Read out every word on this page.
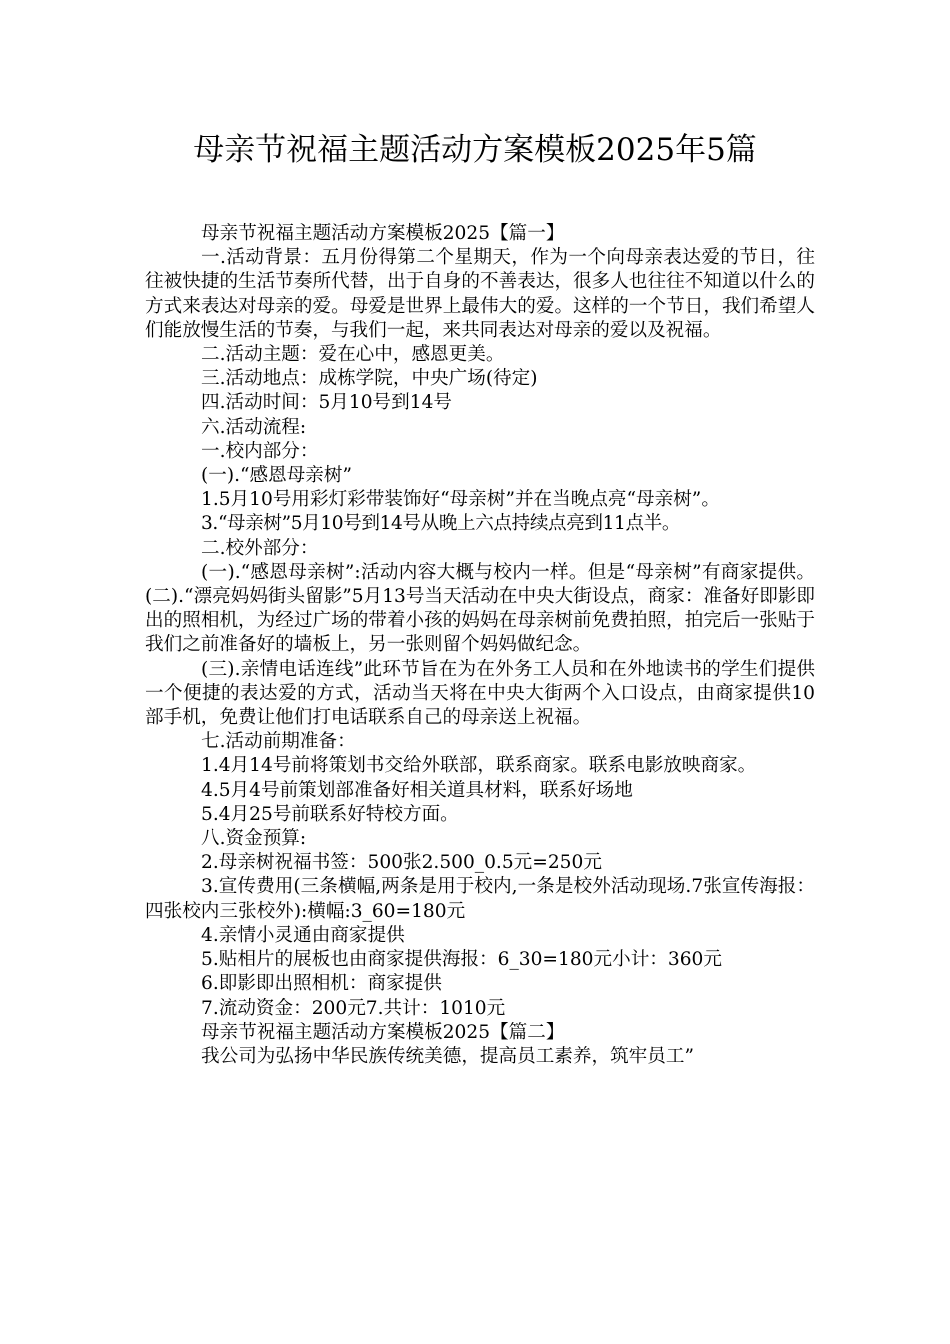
母亲节祝福主题活动方案模板2025年5篇

母亲节祝福主题活动方案模板2025【篇一】

一.活动背景：五月份得第二个星期天，作为一个向母亲表达爱的节日，往往被快捷的生活节奏所代替，出于自身的不善表达，很多人也往往不知道以什么的方式来表达对母亲的爱。母爱是世界上最伟大的爱。这样的一个节日，我们希望人们能放慢生活的节奏，与我们一起，来共同表达对母亲的爱以及祝福。

二.活动主题：爱在心中，感恩更美。

三.活动地点：成栋学院，中央广场(待定)

四.活动时间：5月10号到14号

六.活动流程:

一.校内部分：

(一).“感恩母亲树”

1.5月10号用彩灯彩带装饰好“母亲树”并在当晚点亮“母亲树”。

3.“母亲树”5月10号到14号从晚上六点持续点亮到11点半。

二.校外部分：

(一).“感恩母亲树”:活动内容大概与校内一样。但是“母亲树”有商家提供。(二).“漂亮妈妈街头留影”5月13号当天活动在中央大街设点，商家：准备好即影即出的照相机，为经过广场的带着小孩的妈妈在母亲树前免费拍照，拍完后一张贴于我们之前准备好的墙板上，另一张则留个妈妈做纪念。

(三).亲情电话连线”此环节旨在为在外务工人员和在外地读书的学生们提供一个便捷的表达爱的方式，活动当天将在中央大街两个入口设点，由商家提供10部手机，免费让他们打电话联系自己的母亲送上祝福。

七.活动前期准备：

1.4月14号前将策划书交给外联部，联系商家。联系电影放映商家。

4.5月4号前策划部准备好相关道具材料，联系好场地

5.4月25号前联系好特校方面。

八.资金预算:

2.母亲树祝福书签：500张2.500_0.5元=250元

3.宣传费用(三条横幅,两条是用于校内,一条是校外活动现场.7张宣传海报：四张校内三张校外):横幅:3_60=180元

4.亲情小灵通由商家提供

5.贴相片的展板也由商家提供海报：6_30=180元小计：360元

6.即影即出照相机：商家提供

7.流动资金：200元7.共计：1010元

母亲节祝福主题活动方案模板2025【篇二】

我公司为弘扬中华民族传统美德，提高员工素养，筑牢员工”
